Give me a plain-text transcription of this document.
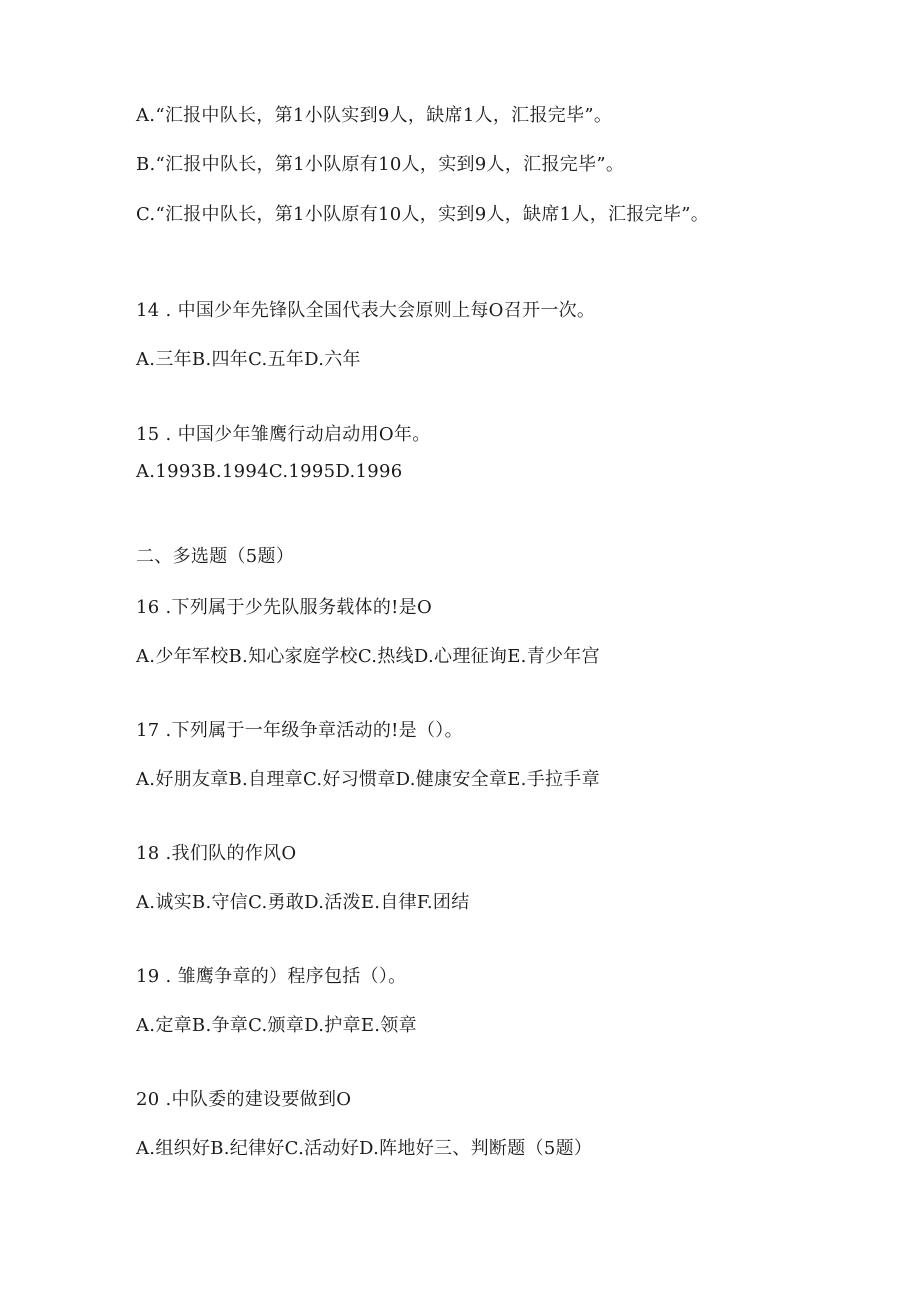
A.“汇报中队长，第1小队实到9人，缺席1人，汇报完毕”。
B.“汇报中队长，第1小队原有10人，实到9人，汇报完毕”。
C.“汇报中队长，第1小队原有10人，实到9人，缺席1人，汇报完毕”。
14 . 中国少年先锋队全国代表大会原则上每O召开一次。
A.三年B.四年C.五年D.六年
15 . 中国少年雏鹰行动启动用O年。
A.1993B.1994C.1995D.1996
二、多选题（5题）
16 .下列属于少先队服务载体的!是O
A.少年军校B.知心家庭学校C.热线D.心理征询E.青少年宫
17 .下列属于一年级争章活动的!是（）。
A.好朋友章B.自理章C.好习惯章D.健康安全章E.手拉手章
18 .我们队的作风O
A.诚实B.守信C.勇敢D.活泼E.自律F.团结
19 . 雏鹰争章的）程序包括（）。
A.定章B.争章C.颁章D.护章E.领章
20 .中队委的建设要做到O
A.组织好B.纪律好C.活动好D.阵地好三、判断题（5题）
